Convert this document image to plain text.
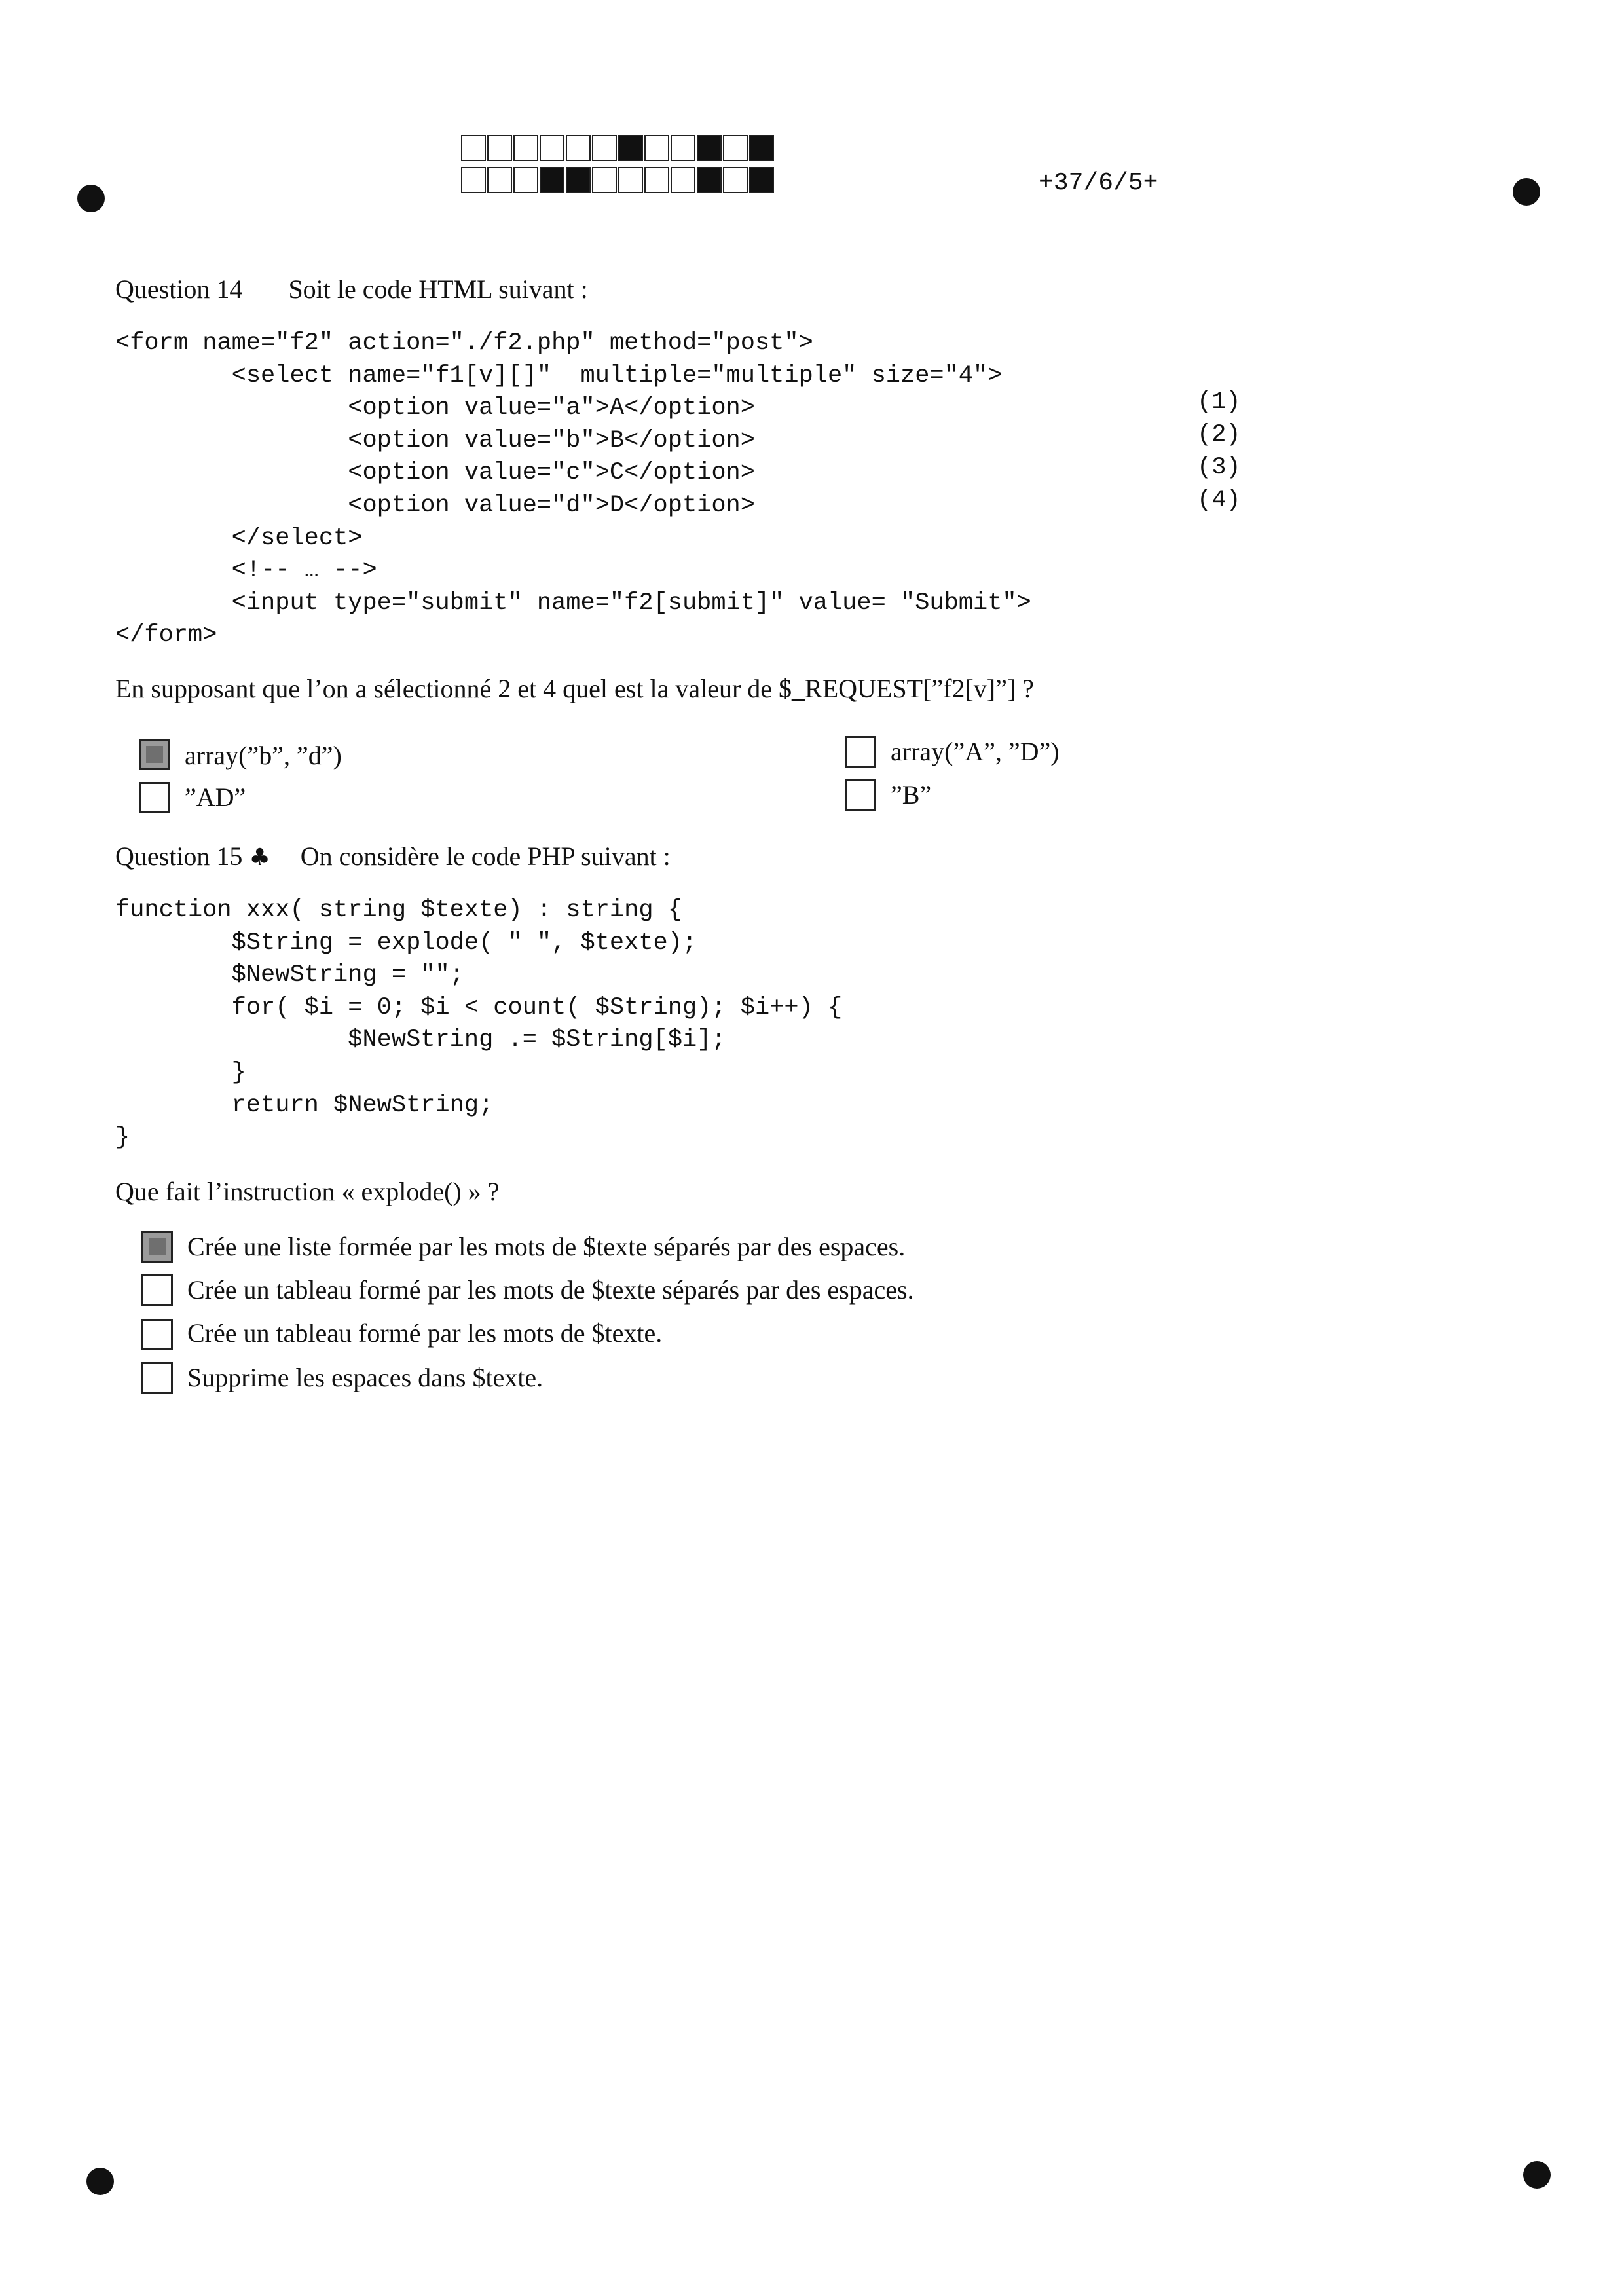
+37/6/5+
Question 14 Soit le code HTML suivant :
<form name="f2" action="./f2.php" method="post">
<select name="f1[v][]"  multiple="multiple" size="4">
<option value="a">A</option>
<option value="b">B</option>
<option value="c">C</option>
<option value="d">D</option>
</select>
<!-- … -->
<input type="submit" name="f2[submit]" value= "Submit">
</form>
(1)
(2)
(3)
(4)
En supposant que l’on a sélectionné 2 et 4 quel est la valeur de $_REQUEST[”f2[v]”] ?
array(”b”, ”d”)	array(”A”, ”D”)
”AD”	”B”
Question 15 ♣ On considère le code PHP suivant :
function xxx( string $texte) : string {
$String = explode( " ", $texte);
$NewString = "";
for( $i = 0; $i < count( $String); $i++) {
$NewString .= $String[$i];
}
return $NewString;
}
Que fait l’instruction « explode() » ?
Crée une liste formée par les mots de $texte séparés par des espaces.
Crée un tableau formé par les mots de $texte séparés par des espaces.
Crée un tableau formé par les mots de $texte.
Supprime les espaces dans $texte.
